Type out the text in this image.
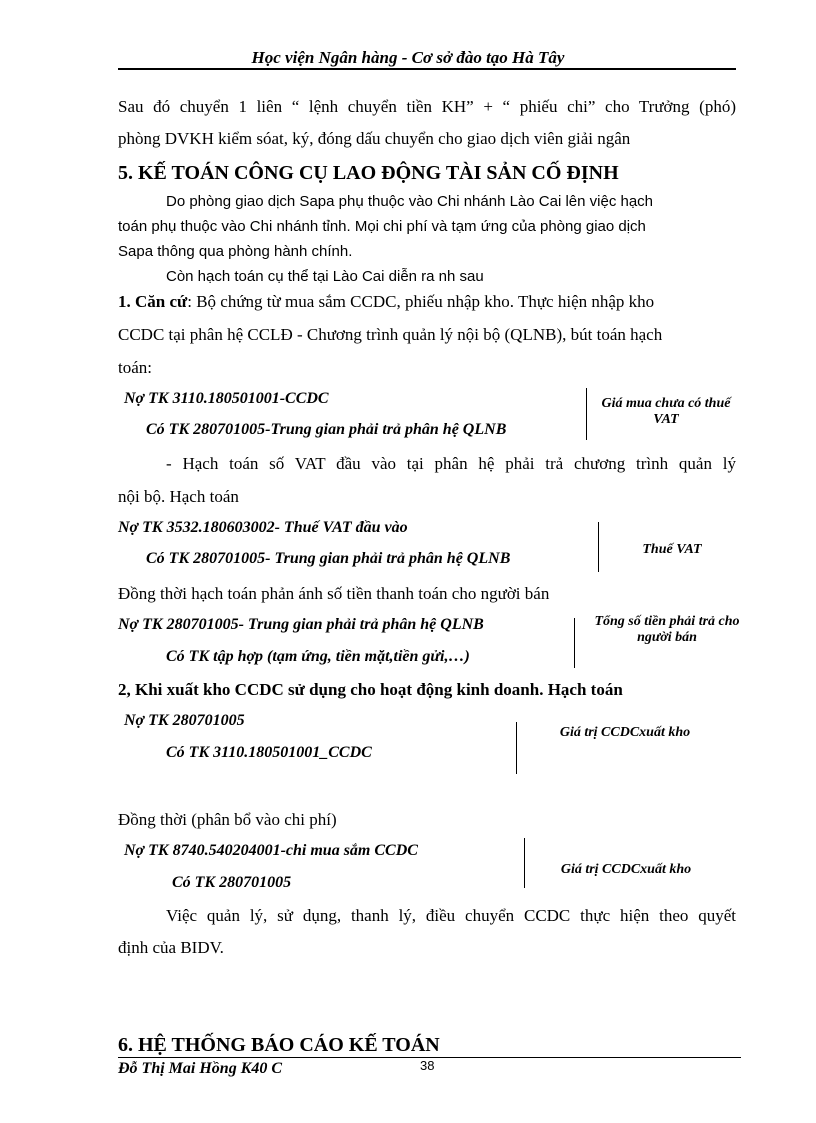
Học viện Ngân hàng - Cơ sở đào tạo Hà Tây
Sau đó chuyển 1 liên “ lệnh chuyển tiền KH” + “ phiếu chi” cho Trưởng (phó)
phòng DVKH kiểm sóat, ký, đóng dấu chuyển cho giao dịch viên giải ngân
5. KẾ TOÁN CÔNG CỤ LAO ĐỘNG TÀI SẢN CỐ ĐỊNH
Do phòng giao dịch Sapa phụ thuộc vào Chi nhánh Lào Cai lên việc hạch
toán phụ thuộc vào Chi nhánh tỉnh. Mọi chi phí và tạm ứng của phòng giao dịch
Sapa thông qua phòng hành chính.
Còn hạch toán cụ thể tại Lào Cai diễn ra nh sau
1. Căn cứ: Bộ chứng từ mua sắm CCDC, phiếu nhập kho. Thực hiện nhập kho
CCDC tại phân hệ CCLĐ - Chương trình quản lý nội bộ (QLNB), bút toán hạch
toán:
Nợ TK 3110.180501001-CCDC
Có TK 280701005-Trung gian phải trả phân hệ QLNB
Giá mua chưa có thuế VAT
- Hạch toán số VAT đầu vào tại phân hệ phải trả chương trình quản lý
nội bộ. Hạch toán
Nợ TK 3532.180603002- Thuế VAT đầu vào
Có TK 280701005- Trung gian phải trả phân hệ QLNB
Thuế VAT
Đồng thời hạch toán phản ánh số tiền thanh toán cho người bán
Nợ TK 280701005- Trung gian phải trả phân hệ QLNB
Có TK tập hợp (tạm ứng, tiền mặt,tiền gửi,…)
Tổng số tiền phải trả cho người bán
2, Khi xuất kho CCDC sử dụng cho hoạt động kinh doanh. Hạch toán
Nợ TK 280701005
Có TK 3110.180501001_CCDC
Giá trị CCDCxuất kho
Đồng thời (phân bổ vào chi phí)
Nợ TK 8740.540204001-chi mua sắm CCDC
Có TK 280701005
Giá trị CCDCxuất kho
Việc quản lý, sử dụng, thanh lý, điều chuyển CCDC thực hiện theo quyết
định của BIDV.
6. HỆ THỐNG BÁO CÁO KẾ TOÁN
Đỗ Thị Mai Hồng K40 C	38
